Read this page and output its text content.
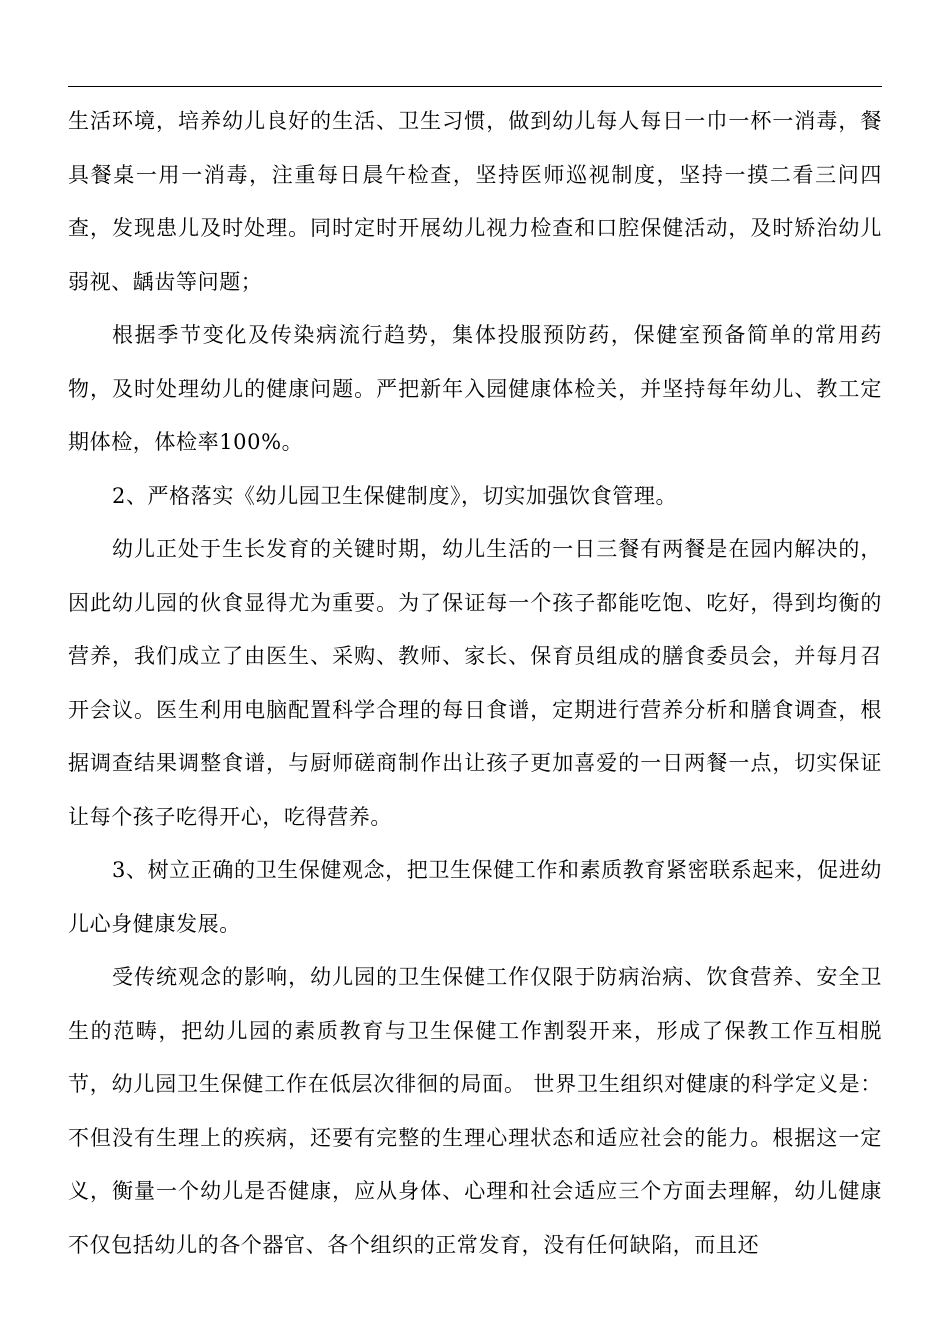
生活环境，培养幼儿良好的生活、卫生习惯，做到幼儿每人每日一巾一杯一消毒，餐具餐桌一用一消毒，注重每日晨午检查，坚持医师巡视制度，坚持一摸二看三问四查，发现患儿及时处理。同时定时开展幼儿视力检查和口腔保健活动，及时矫治幼儿弱视、龋齿等问题；

根据季节变化及传染病流行趋势，集体投服预防药，保健室预备简单的常用药物，及时处理幼儿的健康问题。严把新年入园健康体检关，并坚持每年幼儿、教工定期体检，体检率100%。

2、严格落实《幼儿园卫生保健制度》，切实加强饮食管理。

幼儿正处于生长发育的关键时期，幼儿生活的一日三餐有两餐是在园内解决的，因此幼儿园的伙食显得尤为重要。为了保证每一个孩子都能吃饱、吃好，得到均衡的营养，我们成立了由医生、采购、教师、家长、保育员组成的膳食委员会，并每月召开会议。医生利用电脑配置科学合理的每日食谱，定期进行营养分析和膳食调查，根据调查结果调整食谱，与厨师磋商制作出让孩子更加喜爱的一日两餐一点，切实保证让每个孩子吃得开心，吃得营养。

3、树立正确的卫生保健观念，把卫生保健工作和素质教育紧密联系起来，促进幼儿心身健康发展。

受传统观念的影响，幼儿园的卫生保健工作仅限于防病治病、饮食营养、安全卫生的范畴，把幼儿园的素质教育与卫生保健工作割裂开来，形成了保教工作互相脱节，幼儿园卫生保健工作在低层次徘徊的局面。 世界卫生组织对健康的科学定义是：不但没有生理上的疾病，还要有完整的生理心理状态和适应社会的能力。根据这一定义，衡量一个幼儿是否健康，应从身体、心理和社会适应三个方面去理解，幼儿健康不仅包括幼儿的各个器官、各个组织的正常发育，没有任何缺陷，而且还
